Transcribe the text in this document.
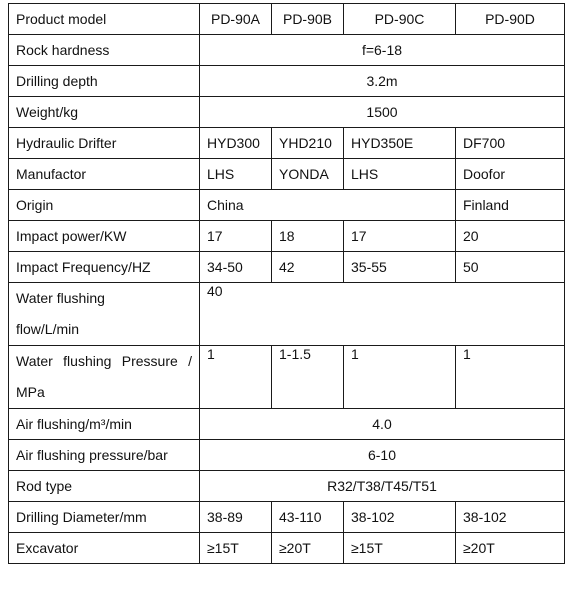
Product model	PD-90A	PD-90B	PD-90C	PD-90D
Rock hardness	f=6-18			
Drilling depth	3.2m			
Weight/kg	1500			
Hydraulic Drifter	HYD300	YHD210	HYD350E	DF700
Manufactor	LHS	YONDA	LHS	Doofor
Origin	China			Finland
Impact power/KW	17	18	17	20
Impact Frequency/HZ	34-50	42	35-55	50

Water flushing
flow/L/min	40			

Water flushing Pressure /
MPa	1	1-1.5	1	1
Air flushing/m³/min	4.0			
Air flushing pressure/bar	6-10			
Rod type	R32/T38/T45/T51			
Drilling Diameter/mm	38-89	43-110	38-102	38-102
Excavator	≥15T	≥20T	≥15T	≥20T
